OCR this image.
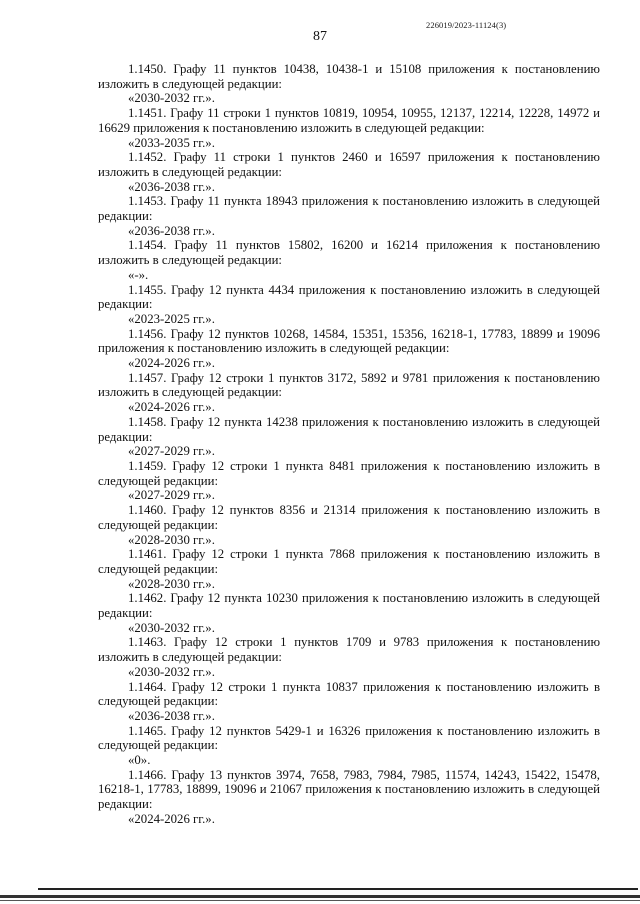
226019/2023-11124(3)
87

1.1450. Графу 11 пунктов 10438, 10438-1 и 15108 приложения к постановлению изложить в следующей редакции:

«2030-2032 гг.».

1.1451. Графу 11 строки 1 пунктов 10819, 10954, 10955, 12137, 12214, 12228, 14972 и 16629 приложения к постановлению изложить в следующей редакции:

«2033-2035 гг.».

1.1452. Графу 11 строки 1 пунктов 2460 и 16597 приложения к постановлению изложить в следующей редакции:

«2036-2038 гг.».

1.1453. Графу 11 пункта 18943 приложения к постановлению изложить в следующей редакции:

«2036-2038 гг.».

1.1454. Графу 11 пунктов 15802, 16200 и 16214 приложения к постановлению изложить в следующей редакции:

«-».

1.1455. Графу 12 пункта 4434 приложения к постановлению изложить в следующей редакции:

«2023-2025 гг.».

1.1456. Графу 12 пунктов 10268, 14584, 15351, 15356, 16218-1, 17783, 18899 и 19096 приложения к постановлению изложить в следующей редакции:

«2024-2026 гг.».

1.1457. Графу 12 строки 1 пунктов 3172, 5892 и 9781 приложения к постановлению изложить в следующей редакции:

«2024-2026 гг.».

1.1458. Графу 12 пункта 14238 приложения к постановлению изложить в следующей редакции:

«2027-2029 гг.».

1.1459. Графу 12 строки 1 пункта 8481 приложения к постановлению изложить в следующей редакции:

«2027-2029 гг.».

1.1460. Графу 12 пунктов 8356 и 21314 приложения к постановлению изложить в следующей редакции:

«2028-2030 гг.».

1.1461. Графу 12 строки 1 пункта 7868 приложения к постановлению изложить в следующей редакции:

«2028-2030 гг.».

1.1462. Графу 12 пункта 10230 приложения к постановлению изложить в следующей редакции:

«2030-2032 гг.».

1.1463. Графу 12 строки 1 пунктов 1709 и 9783 приложения к постановлению изложить в следующей редакции:

«2030-2032 гг.».

1.1464. Графу 12 строки 1 пункта 10837 приложения к постановлению изложить в следующей редакции:

«2036-2038 гг.».

1.1465. Графу 12 пунктов 5429-1 и 16326 приложения к постановлению изложить в следующей редакции:

«0».

1.1466. Графу 13 пунктов 3974, 7658, 7983, 7984, 7985, 11574, 14243, 15422, 15478, 16218-1, 17783, 18899, 19096 и 21067 приложения к постановлению изложить в следующей редакции:

«2024-2026 гг.».
